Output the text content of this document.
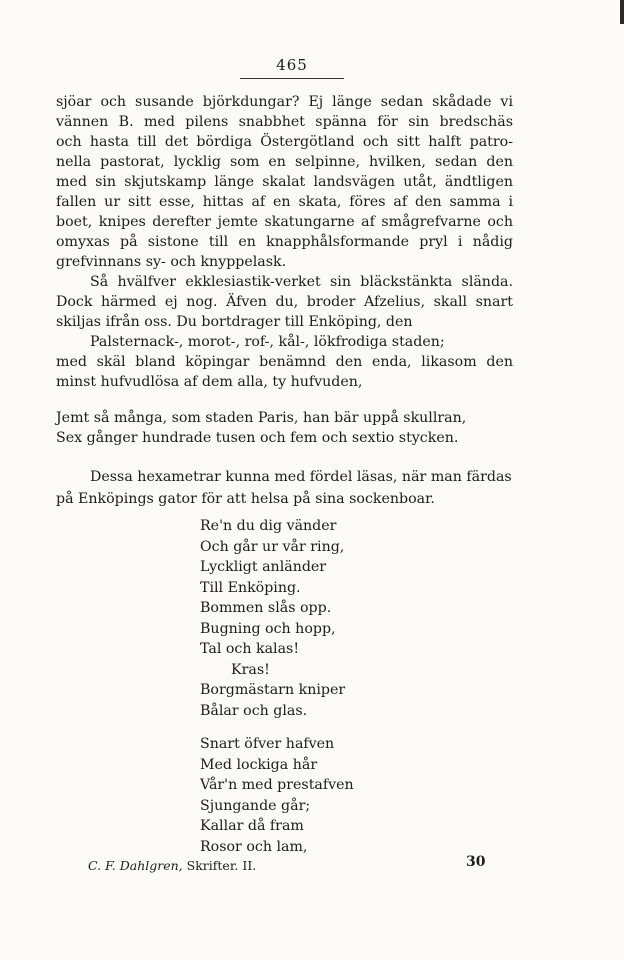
465
sjöar och susande björkdungar? Ej länge sedan skådade vi
vännen B. med pilens snabbhet spänna för sin bredschäs
och hasta till det bördiga Östergötland och sitt halft patro-
nella pastorat, lycklig som en selpinne, hvilken, sedan den
med sin skjutskamp länge skalat landsvägen utåt, ändtligen
fallen ur sitt esse, hittas af en skata, föres af den samma i
boet, knipes derefter jemte skatungarne af smågrefvarne och
omyxas på sistone till en knapphålsformande pryl i nådig
grefvinnans sy- och knyppelask.
Så hvälfver ekklesiastik-verket sin bläckstänkta slända.
Dock härmed ej nog. Äfven du, broder Afzelius, skall snart
skiljas ifrån oss. Du bortdrager till Enköping, den
Palsternack-, morot-, rof-, kål-, lökfrodiga staden;
med skäl bland köpingar benämnd den enda, likasom den
minst hufvudlösa af dem alla, ty hufvuden,
Jemt så många, som staden Paris, han bär uppå skullran,
Sex gånger hundrade tusen och fem och sextio stycken.
Dessa hexametrar kunna med fördel läsas, när man färdas
på Enköpings gator för att helsa på sina sockenboar.
Re'n du dig vänder
Och går ur vår ring,
Lyckligt anländer
Till Enköping.
Bommen slås opp.
Bugning och hopp,
Tal och kalas!
Kras!
Borgmästarn kniper
Bålar och glas.
Snart öfver hafven
Med lockiga hår
Vår'n med prestafven
Sjungande går;
Kallar då fram
Rosor och lam,
C. F. Dahlgren, Skrifter. II.	30
